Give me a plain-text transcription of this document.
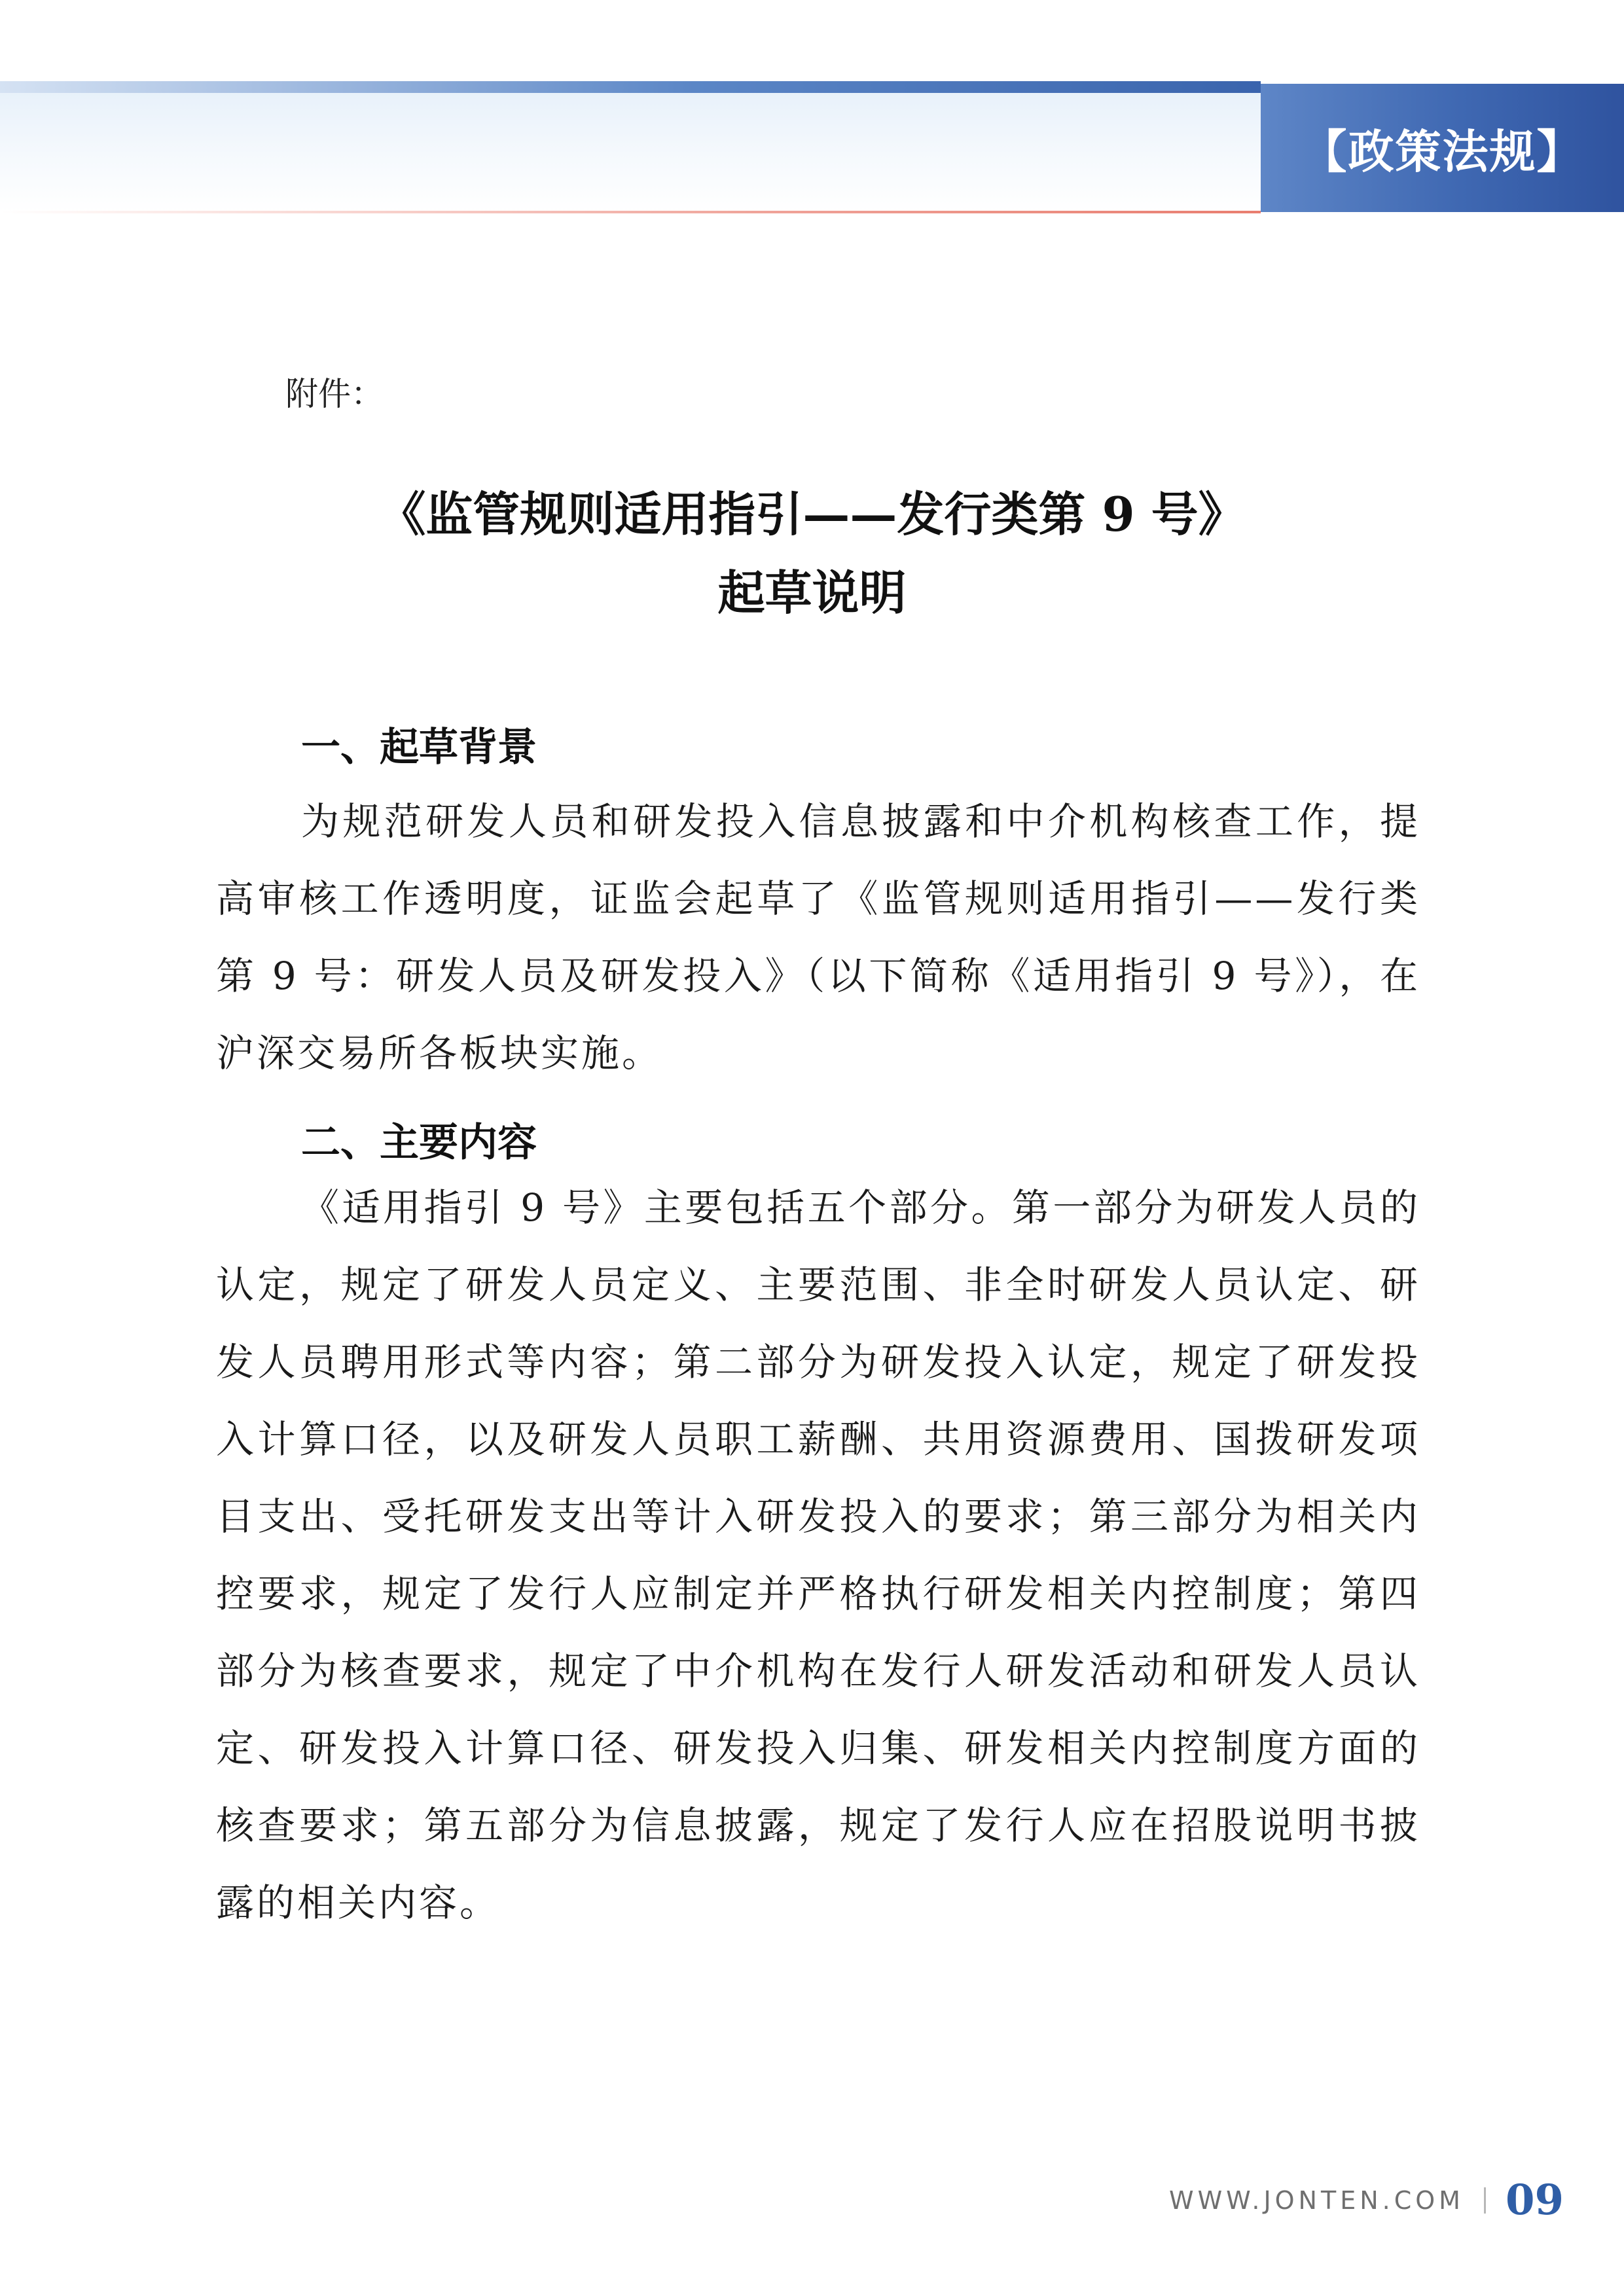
【政策法规】
附件：
《监管规则适用指引——发行类第 9 号》
起草说明
一、起草背景

为规范研发人员和研发投入信息披露和中介机构核查工作，提高审核工作透明度，证监会起草了《监管规则适用指引——发行类第 9 号：研发人员及研发投入》（以下简称《适用指引 9 号》），在沪深交易所各板块实施。

二、主要内容

《适用指引 9 号》主要包括五个部分。第一部分为研发人员的认定，规定了研发人员定义、主要范围、非全时研发人员认定、研发人员聘用形式等内容；第二部分为研发投入认定，规定了研发投入计算口径，以及研发人员职工薪酬、共用资源费用、国拨研发项目支出、受托研发支出等计入研发投入的要求；第三部分为相关内控要求，规定了发行人应制定并严格执行研发相关内控制度；第四部分为核查要求，规定了中介机构在发行人研发活动和研发人员认定、研发投入计算口径、研发投入归集、研发相关内控制度方面的核查要求；第五部分为信息披露，规定了发行人应在招股说明书披露的相关内容。

WWW.JONTEN.COM 09
